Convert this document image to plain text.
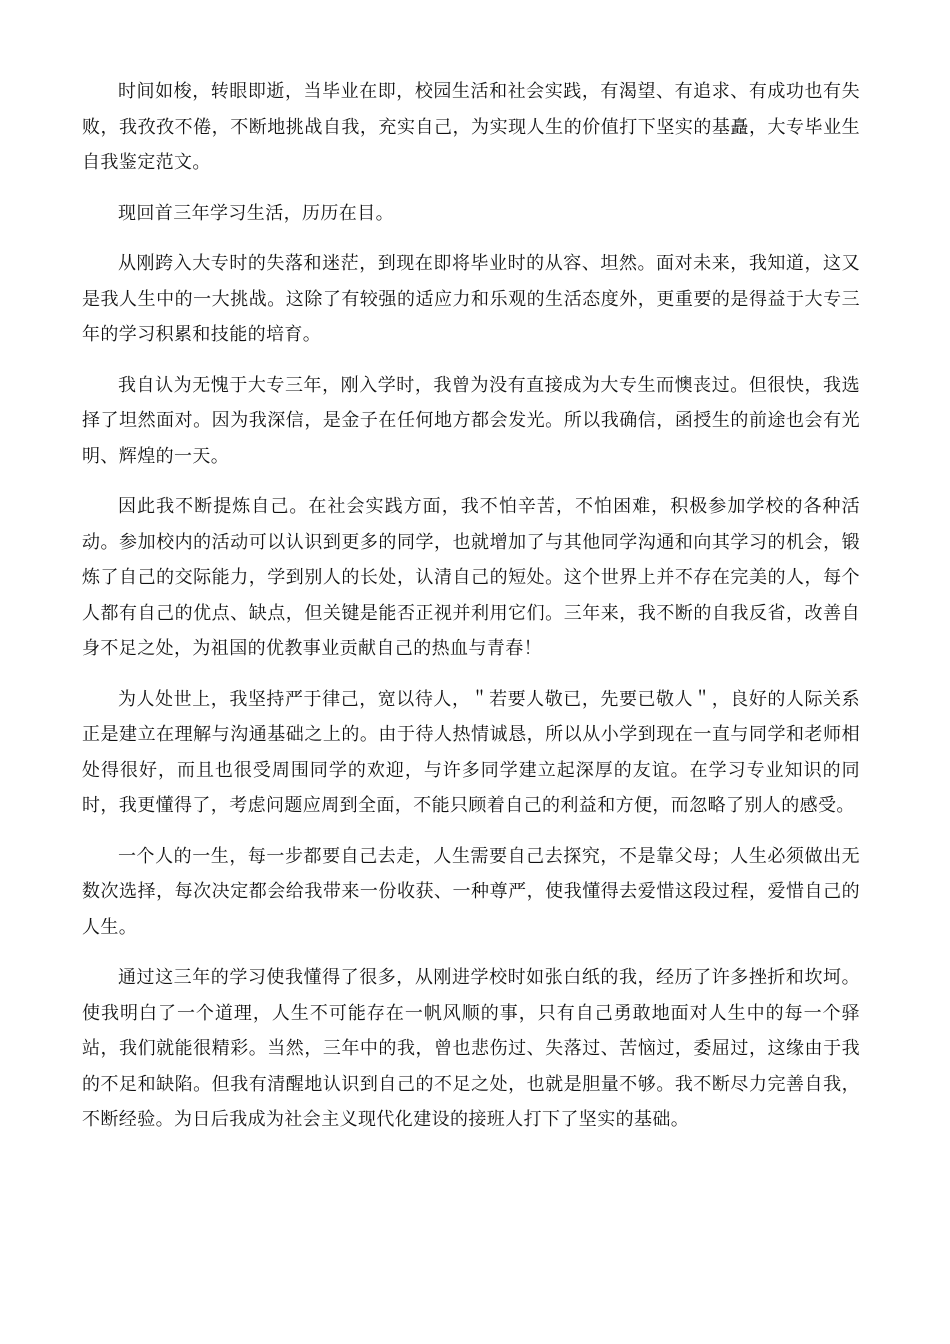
时间如梭，转眼即逝，当毕业在即，校园生活和社会实践，有渴望、有追求、有成功也有失败，我孜孜不倦，不断地挑战自我，充实自己，为实现人生的价值打下坚实的基矗，大专毕业生自我鉴定范文。

现回首三年学习生活，历历在目。

从刚跨入大专时的失落和迷茫，到现在即将毕业时的从容、坦然。面对未来，我知道，这又是我人生中的一大挑战。这除了有较强的适应力和乐观的生活态度外，更重要的是得益于大专三年的学习积累和技能的培育。

我自认为无愧于大专三年，刚入学时，我曾为没有直接成为大专生而懊丧过。但很快，我选择了坦然面对。因为我深信，是金子在任何地方都会发光。所以我确信，函授生的前途也会有光明、辉煌的一天。

因此我不断提炼自己。在社会实践方面，我不怕辛苦，不怕困难，积极参加学校的各种活动。参加校内的活动可以认识到更多的同学，也就增加了与其他同学沟通和向其学习的机会，锻炼了自己的交际能力，学到别人的长处，认清自己的短处。这个世界上并不存在完美的人，每个人都有自己的优点、缺点，但关键是能否正视并利用它们。三年来，我不断的自我反省，改善自身不足之处，为祖国的优教事业贡献自己的热血与青春！

为人处世上，我坚持严于律己，宽以待人，＂若要人敬已，先要已敬人＂，良好的人际关系正是建立在理解与沟通基础之上的。由于待人热情诚恳，所以从小学到现在一直与同学和老师相处得很好，而且也很受周围同学的欢迎，与许多同学建立起深厚的友谊。在学习专业知识的同时，我更懂得了，考虑问题应周到全面，不能只顾着自己的利益和方便，而忽略了别人的感受。

一个人的一生，每一步都要自己去走，人生需要自己去探究，不是靠父母；人生必须做出无数次选择，每次决定都会给我带来一份收获、一种尊严，使我懂得去爱惜这段过程，爱惜自己的人生。

通过这三年的学习使我懂得了很多，从刚进学校时如张白纸的我，经历了许多挫折和坎坷。使我明白了一个道理，人生不可能存在一帆风顺的事，只有自己勇敢地面对人生中的每一个驿站，我们就能很精彩。当然，三年中的我，曾也悲伤过、失落过、苦恼过，委屈过，这缘由于我的不足和缺陷。但我有清醒地认识到自己的不足之处，也就是胆量不够。我不断尽力完善自我，不断经验。为日后我成为社会主义现代化建设的接班人打下了坚实的基础。
